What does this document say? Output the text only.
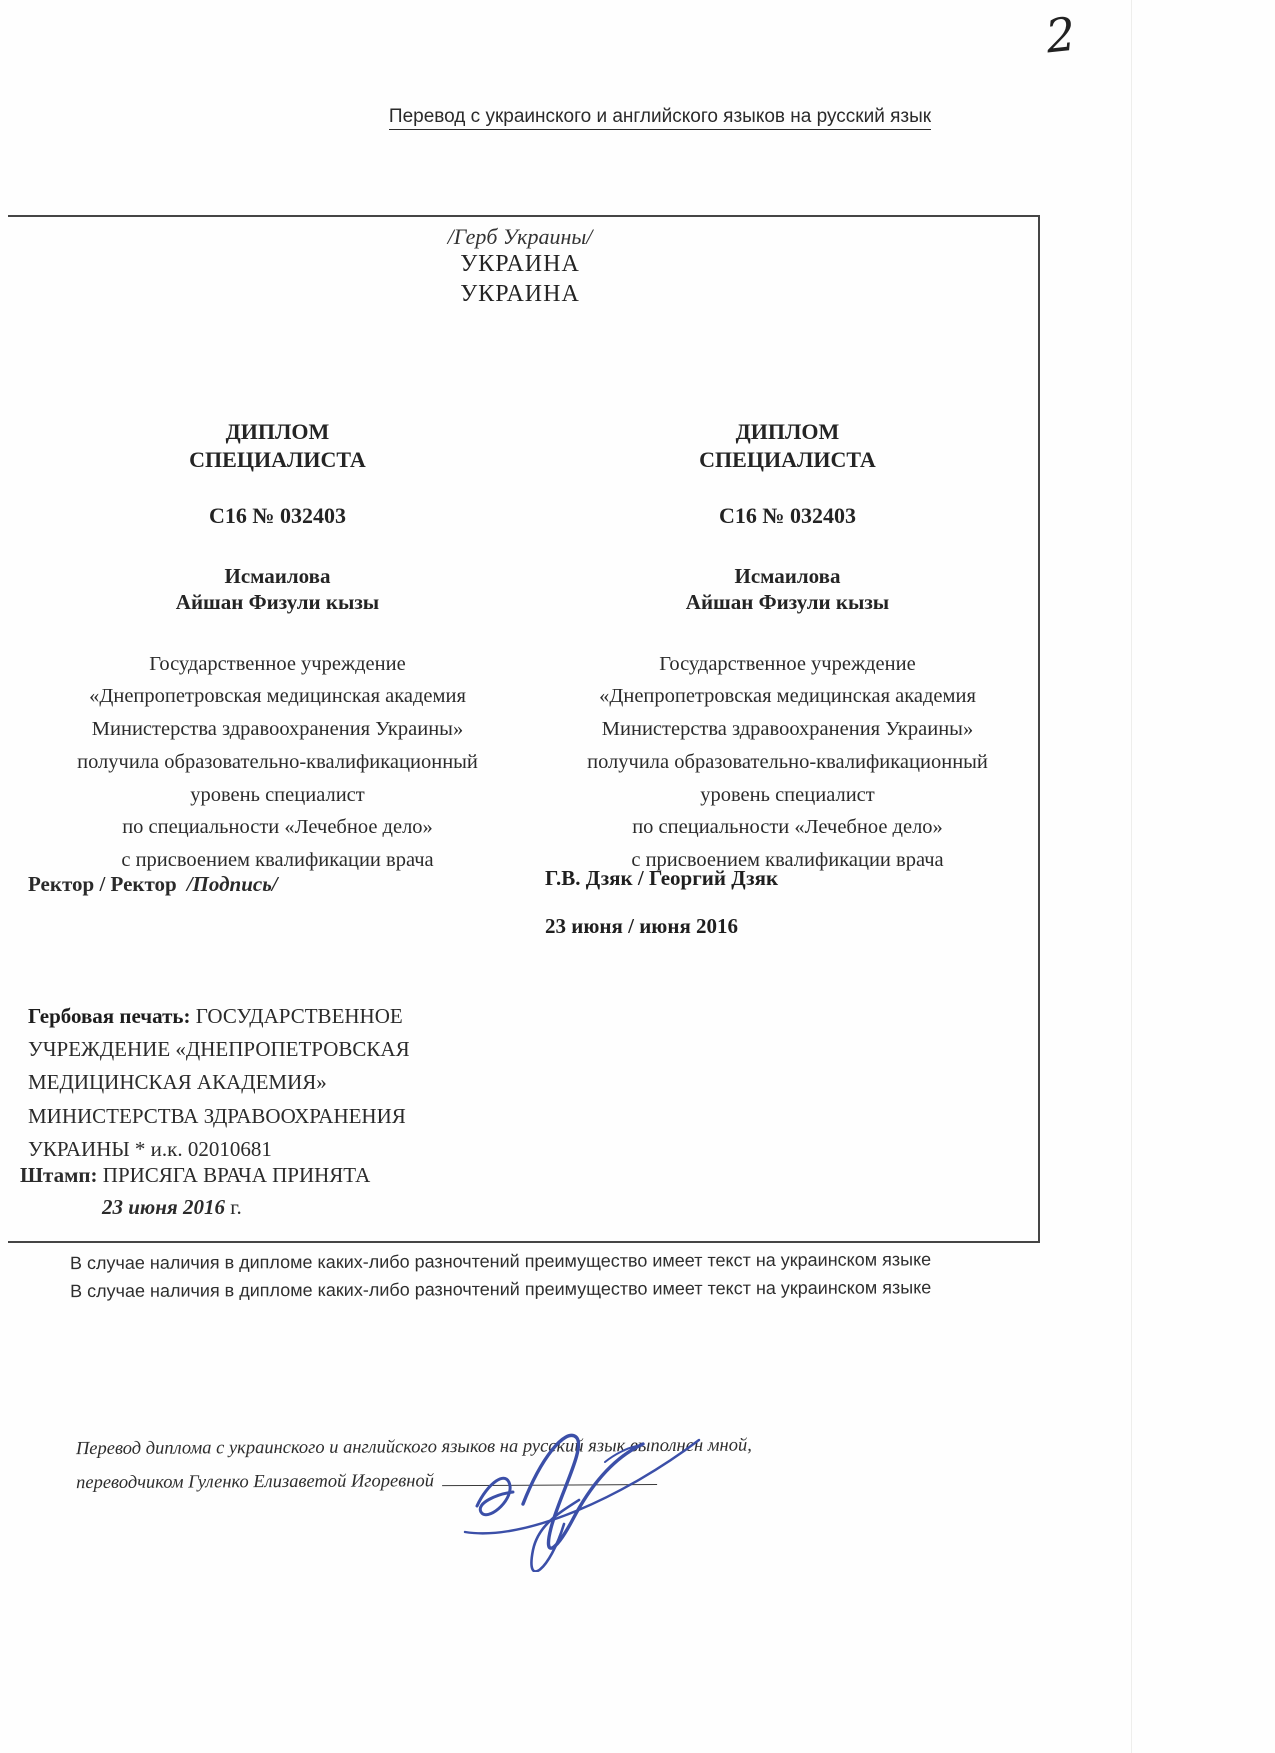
2
Перевод с украинского и английского языков на русский язык
/Герб Украины/
УКРАИНА
УКРАИНА
ДИПЛОМ
СПЕЦИАЛИСТА
С16 № 032403
Исмаилова
Айшан Физули кызы
Государственное учреждение
«Днепропетровская медицинская академия
Министерства здравоохранения Украины»
получила образовательно-квалификационный
уровень специалист
по специальности «Лечебное дело»
с присвоением квалификации врача
ДИПЛОМ
СПЕЦИАЛИСТА
С16 № 032403
Исмаилова
Айшан Физули кызы
Государственное учреждение
«Днепропетровская медицинская академия
Министерства здравоохранения Украины»
получила образовательно-квалификационный
уровень специалист
по специальности «Лечебное дело»
с присвоением квалификации врача
Ректор / Ректор /Подпись/	Г.В. Дзяк / Георгий Дзяк
23 июня / июня 2016
Гербовая печать: ГОСУДАРСТВЕННОЕ УЧРЕЖДЕНИЕ «ДНЕПРОПЕТРОВСКАЯ МЕДИЦИНСКАЯ АКАДЕМИЯ» МИНИСТЕРСТВА ЗДРАВООХРАНЕНИЯ УКРАИНЫ * и.к. 02010681
Штамп: ПРИСЯГА ВРАЧА ПРИНЯТА
23 июня 2016 г.
В случае наличия в дипломе каких-либо разночтений преимущество имеет текст на украинском языке
В случае наличия в дипломе каких-либо разночтений преимущество имеет текст на украинском языке
Перевод диплома с украинского и английского языков на русский язык выполнен мной,
переводчиком Гуленко Елизаветой Игоревной
